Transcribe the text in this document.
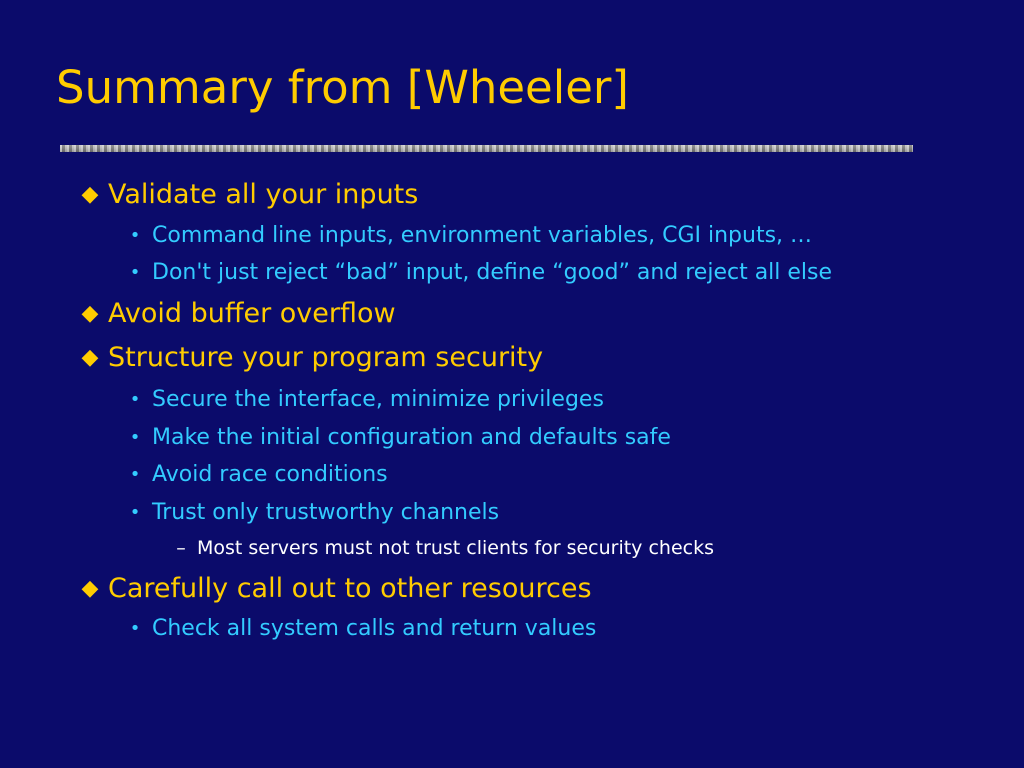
Summary from [Wheeler]
◆ Validate all your inputs
• Command line inputs, environment variables, CGI inputs, …
• Don't just reject “bad” input, define “good” and reject all else
◆ Avoid buffer overflow
◆ Structure your program security
• Secure the interface, minimize privileges
• Make the initial configuration and defaults safe
• Avoid race conditions
• Trust only trustworthy channels
– Most servers must not trust clients for security checks
◆ Carefully call out to other resources
• Check all system calls and return values
